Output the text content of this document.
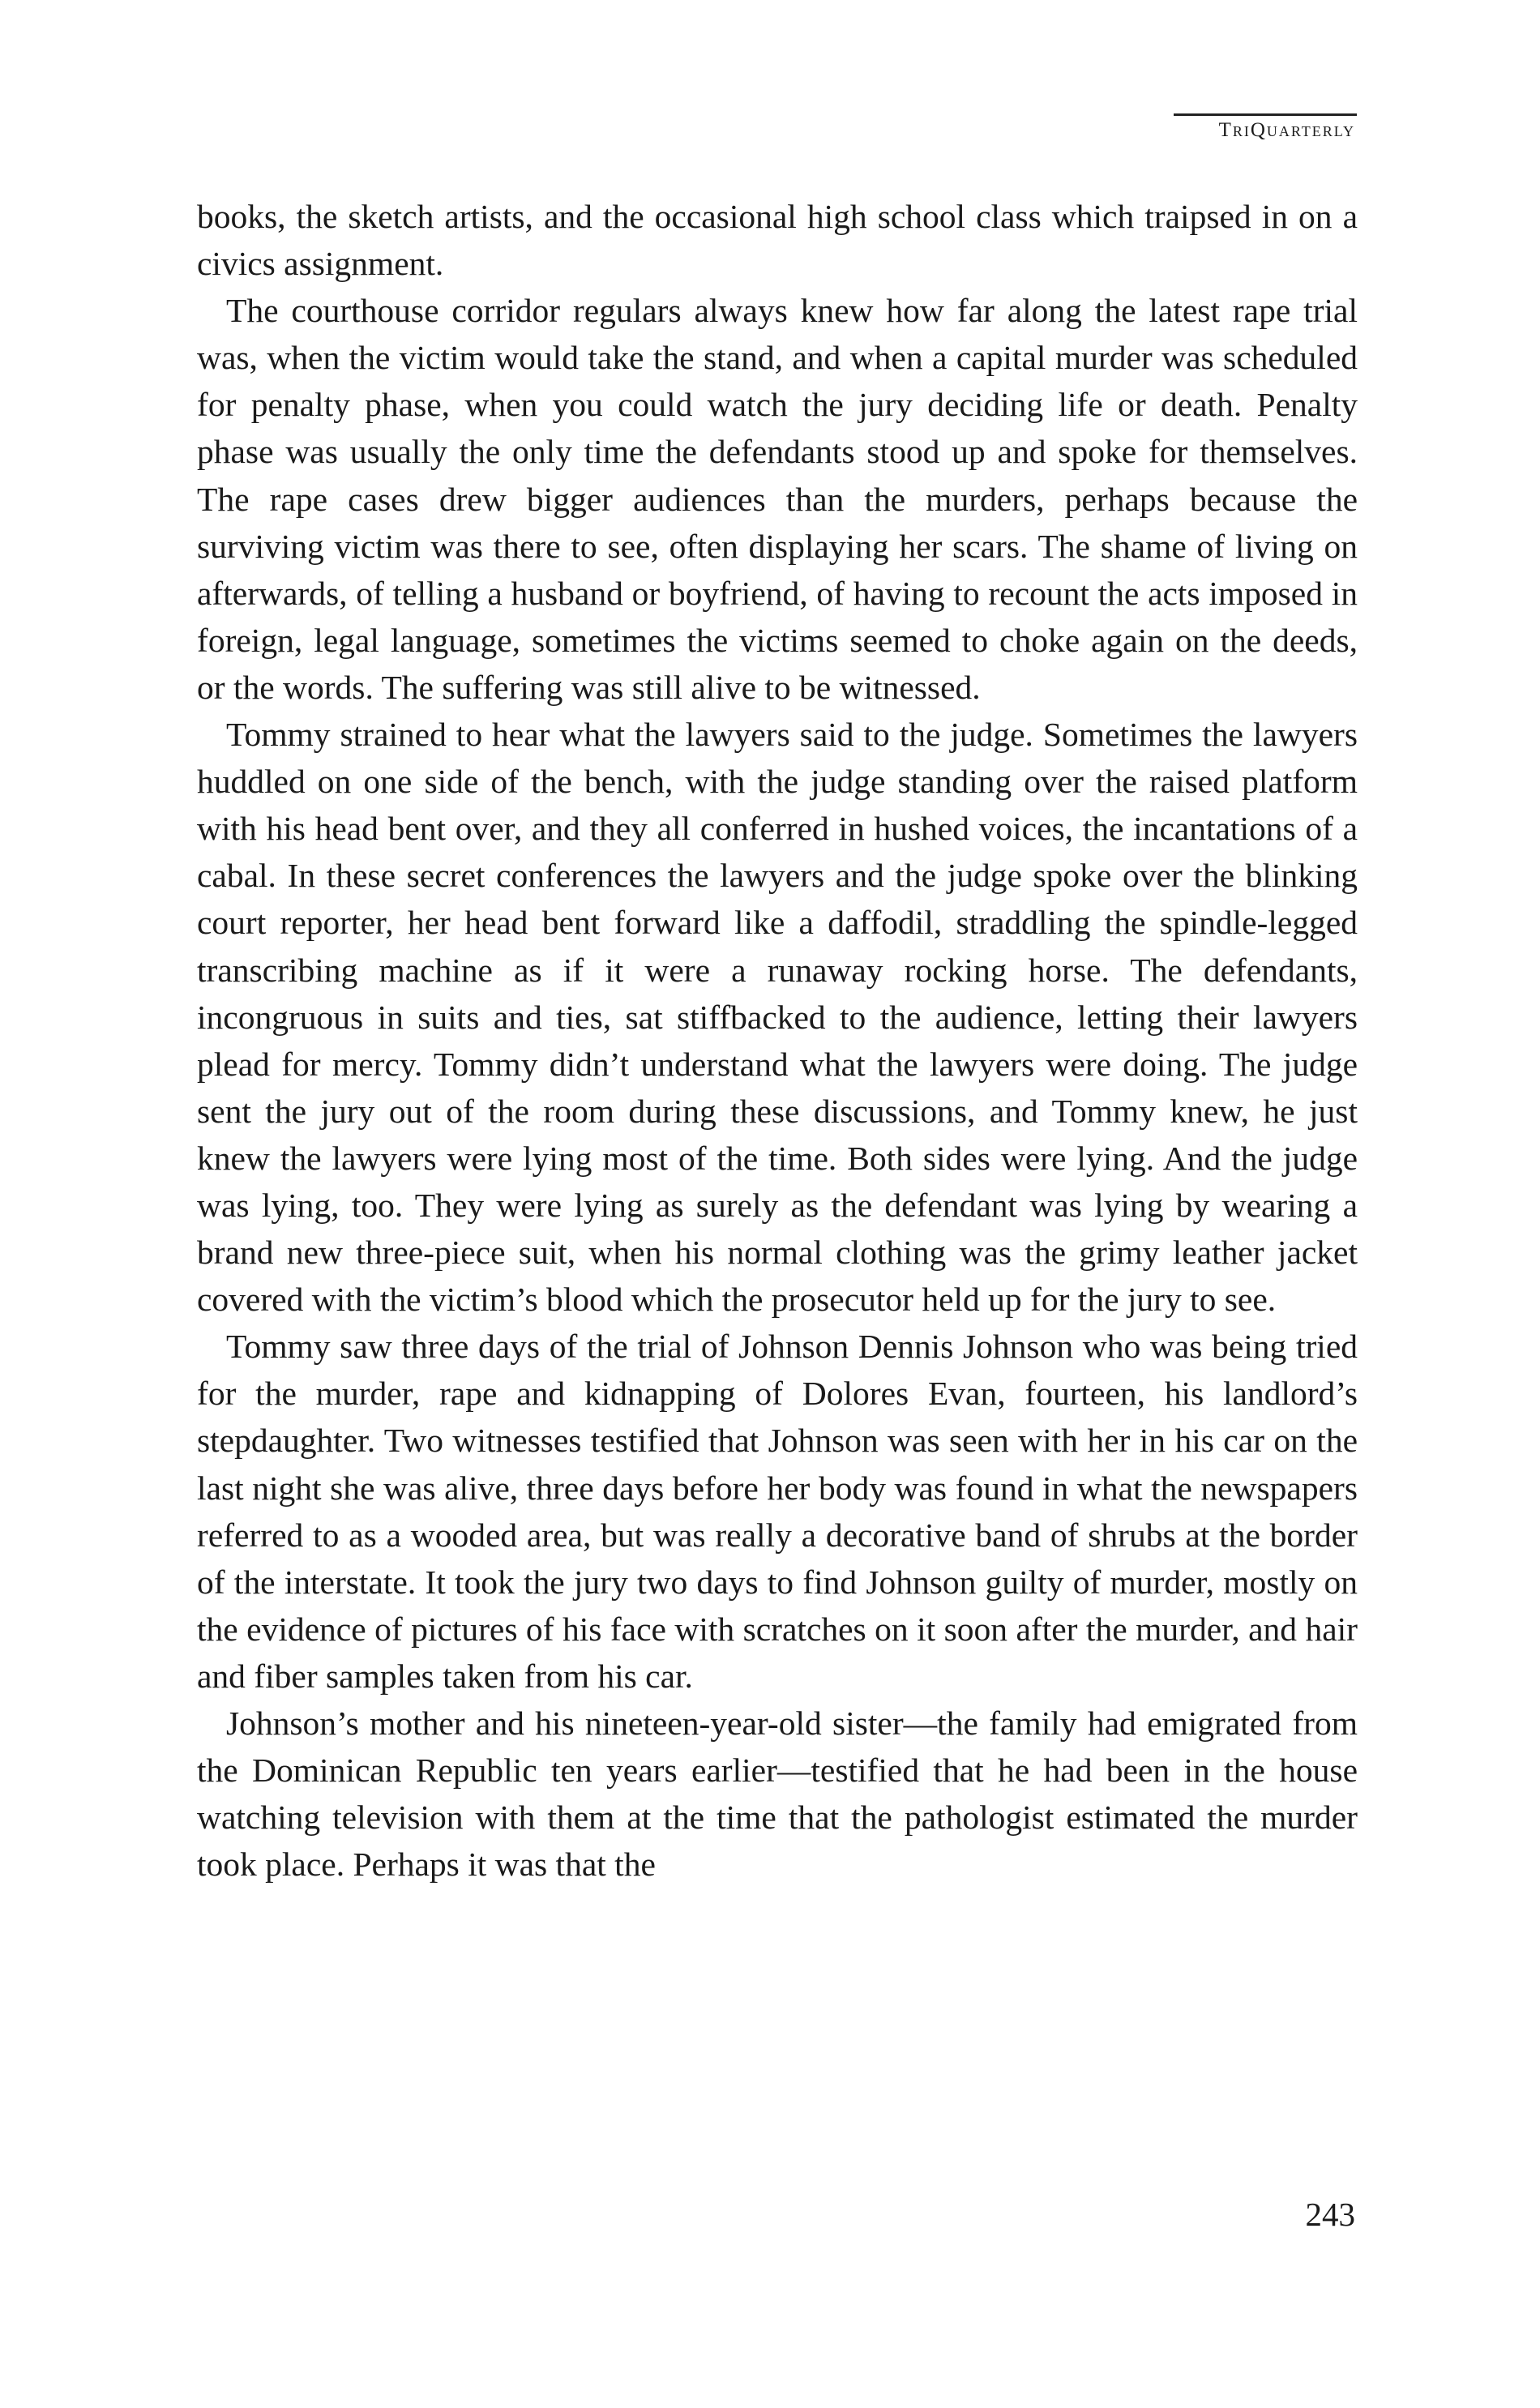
TriQuarterly

books, the sketch artists, and the occasional high school class which traipsed in on a civics assignment.

The courthouse corridor regulars always knew how far along the latest rape trial was, when the victim would take the stand, and when a capital murder was scheduled for penalty phase, when you could watch the jury deciding life or death. Penalty phase was usually the only time the defendants stood up and spoke for themselves. The rape cases drew bigger audiences than the murders, perhaps because the surviving victim was there to see, often displaying her scars. The shame of living on afterwards, of telling a husband or boyfriend, of having to recount the acts imposed in foreign, legal language, sometimes the victims seemed to choke again on the deeds, or the words. The suffering was still alive to be witnessed.

Tommy strained to hear what the lawyers said to the judge. Sometimes the lawyers huddled on one side of the bench, with the judge standing over the raised platform with his head bent over, and they all conferred in hushed voices, the incantations of a cabal. In these secret conferences the lawyers and the judge spoke over the blinking court reporter, her head bent forward like a daffodil, straddling the spindle-legged transcribing machine as if it were a runaway rocking horse. The defendants, incongruous in suits and ties, sat stiffbacked to the audience, letting their lawyers plead for mercy. Tommy didn’t understand what the lawyers were doing. The judge sent the jury out of the room during these discussions, and Tommy knew, he just knew the lawyers were lying most of the time. Both sides were lying. And the judge was lying, too. They were lying as surely as the defendant was lying by wearing a brand new three-piece suit, when his normal clothing was the grimy leather jacket covered with the victim’s blood which the prosecutor held up for the jury to see.

Tommy saw three days of the trial of Johnson Dennis Johnson who was being tried for the murder, rape and kidnapping of Dolores Evan, fourteen, his landlord’s stepdaughter. Two witnesses testified that Johnson was seen with her in his car on the last night she was alive, three days before her body was found in what the newspapers referred to as a wooded area, but was really a decorative band of shrubs at the border of the interstate. It took the jury two days to find Johnson guilty of murder, mostly on the evidence of pictures of his face with scratches on it soon after the murder, and hair and fiber samples taken from his car.

Johnson’s mother and his nineteen-year-old sister—the family had emigrated from the Dominican Republic ten years earlier—testified that he had been in the house watching television with them at the time that the pathologist estimated the murder took place. Perhaps it was that the

243
